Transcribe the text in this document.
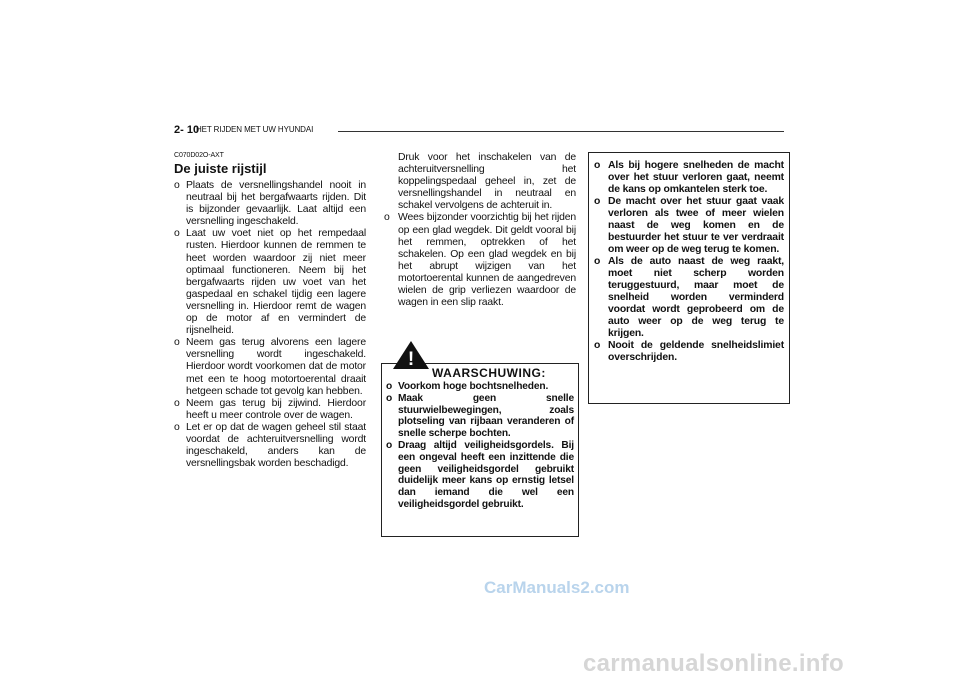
2- 10
HET RIJDEN MET UW HYUNDAI
C070D02O-AXT
De juiste rijstijl
o Plaats de versnellingshandel nooit in neutraal bij het bergafwaarts rijden. Dit is bijzonder gevaarlijk. Laat altijd een versnelling ingeschakeld.
o Laat uw voet niet op het rempedaal rusten. Hierdoor kunnen de remmen te heet worden waardoor zij niet meer optimaal functioneren. Neem bij het bergafwaarts rijden uw voet van het gaspedaal en schakel tijdig een lagere versnelling in. Hierdoor remt de wagen op de motor af en vermindert de rijsnelheid.
o Neem gas terug alvorens een lagere versnelling wordt ingeschakeld. Hierdoor wordt voorkomen dat de motor met een te hoog motortoerental draait hetgeen schade tot gevolg kan hebben.
o Neem gas terug bij zijwind. Hierdoor heeft u meer controle over de wagen.
o Let er op dat de wagen geheel stil staat voordat de achteruitversnelling wordt ingeschakeld, anders kan de versnellingsbak worden beschadigd.
Druk voor het inschakelen van de achteruitversnelling het koppelingspedaal geheel in, zet de versnellingshandel in neutraal en schakel vervolgens de achteruit in.
o Wees bijzonder voorzichtig bij het rijden op een glad wegdek. Dit geldt vooral bij het remmen, optrekken of het schakelen. Op een glad wegdek en bij het abrupt wijzigen van het motortoerental kunnen de aangedreven wielen de grip verliezen waardoor de wagen in een slip raakt.
!
WAARSCHUWING:
o Voorkom hoge bochtsnelheden.
o Maak geen snelle stuurwielbewegingen, zoals plotseling van rijbaan veranderen of snelle scherpe bochten.
o Draag altijd veiligheidsgordels. Bij een ongeval heeft een inzittende die geen veiligheidsgordel gebruikt duidelijk meer kans op ernstig letsel dan iemand die wel een veiligheidsgordel gebruikt.
o Als bij hogere snelheden de macht over het stuur verloren gaat, neemt de kans op omkantelen sterk toe.
o De macht over het stuur gaat vaak verloren als twee of meer wielen naast de weg komen en de bestuurder het stuur te ver verdraait om weer op de weg terug te komen.
o Als de auto naast de weg raakt, moet niet scherp worden teruggestuurd, maar moet de snelheid worden verminderd voordat wordt geprobeerd om de auto weer op de weg terug te krijgen.
o Nooit de geldende snelheidslimiet overschrijden.
CarManuals2.com
carmanualsonline.info
